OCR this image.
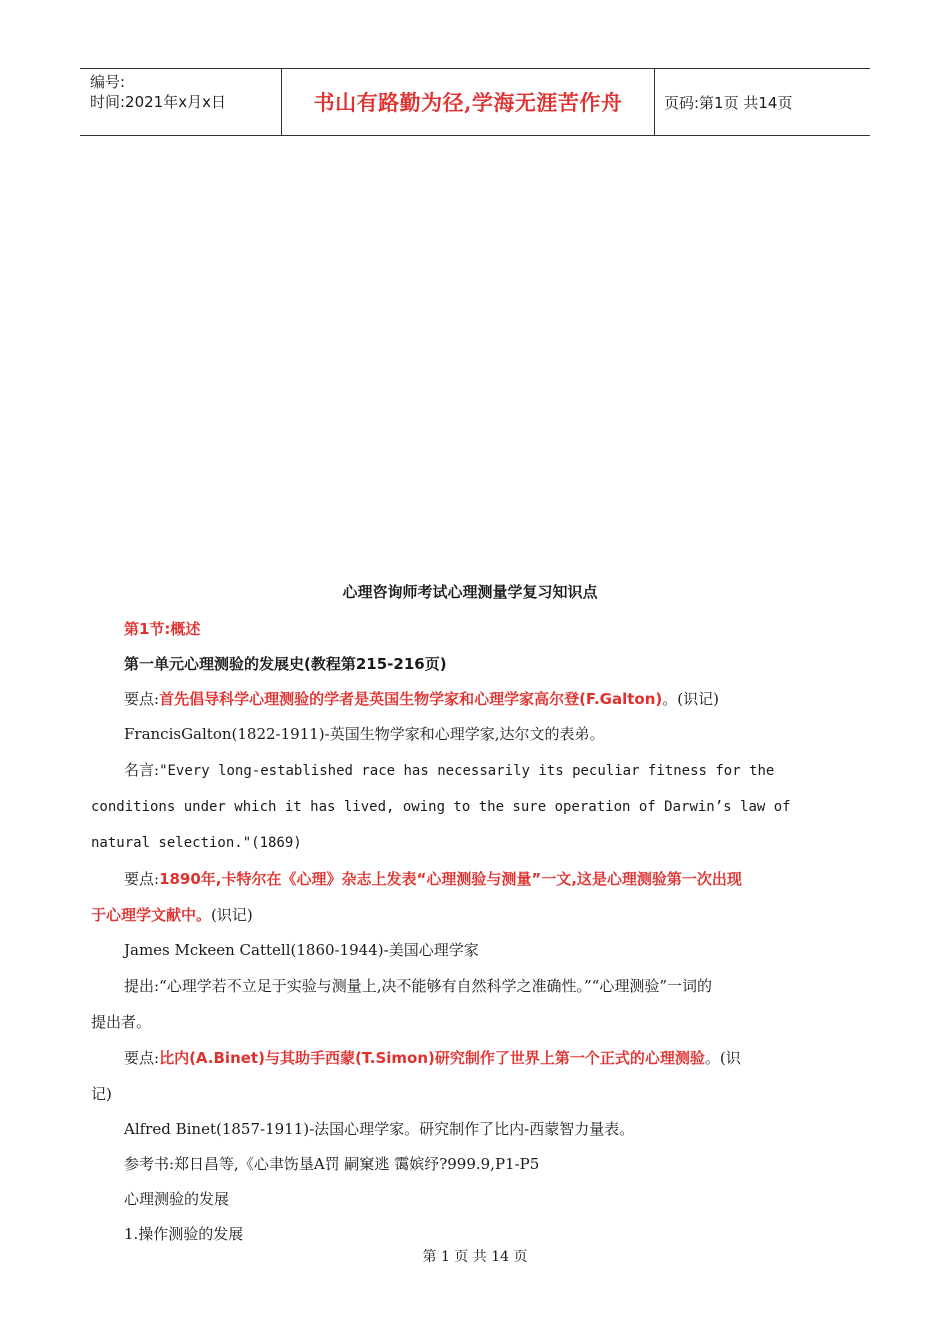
编号:
时间:2021年x月x日	书山有路勤为径,学海无涯苦作舟	页码:第1页 共14页
心理咨询师考试心理测量学复习知识点
第1节:概述
第一单元心理测验的发展史(教程第215-216页)
要点:首先倡导科学心理测验的学者是英国生物学家和心理学家高尔登(F.Galton)。(识记)
FrancisGalton(1822-1911)-英国生物学家和心理学家,达尔文的表弟。
名言:"Every long-established race has necessarily its peculiar fitness for the
conditions under which it has lived, owing to the sure operation of Darwin’s law of
natural selection."(1869)
要点:1890年,卡特尔在《心理》杂志上发表“心理测验与测量”一文,这是心理测验第一次出现
于心理学文献中。(识记)
James Mckeen Cattell(1860-1944)-美国心理学家
提出:“心理学若不立足于实验与测量上,决不能够有自然科学之准确性。”“心理测验”一词的
提出者。
要点:比内(A.Binet)与其助手西蒙(T.Simon)研究制作了世界上第一个正式的心理测验。(识
记)
Alfred Binet(1857-1911)-法国心理学家。研究制作了比内-西蒙智力量表。
参考书:郑日昌等,《心聿饬垦Α罚 嗣窠逃 霭嫔纾?999.9,P1-P5
心理测验的发展
1.操作测验的发展
第 1 页 共 14 页
